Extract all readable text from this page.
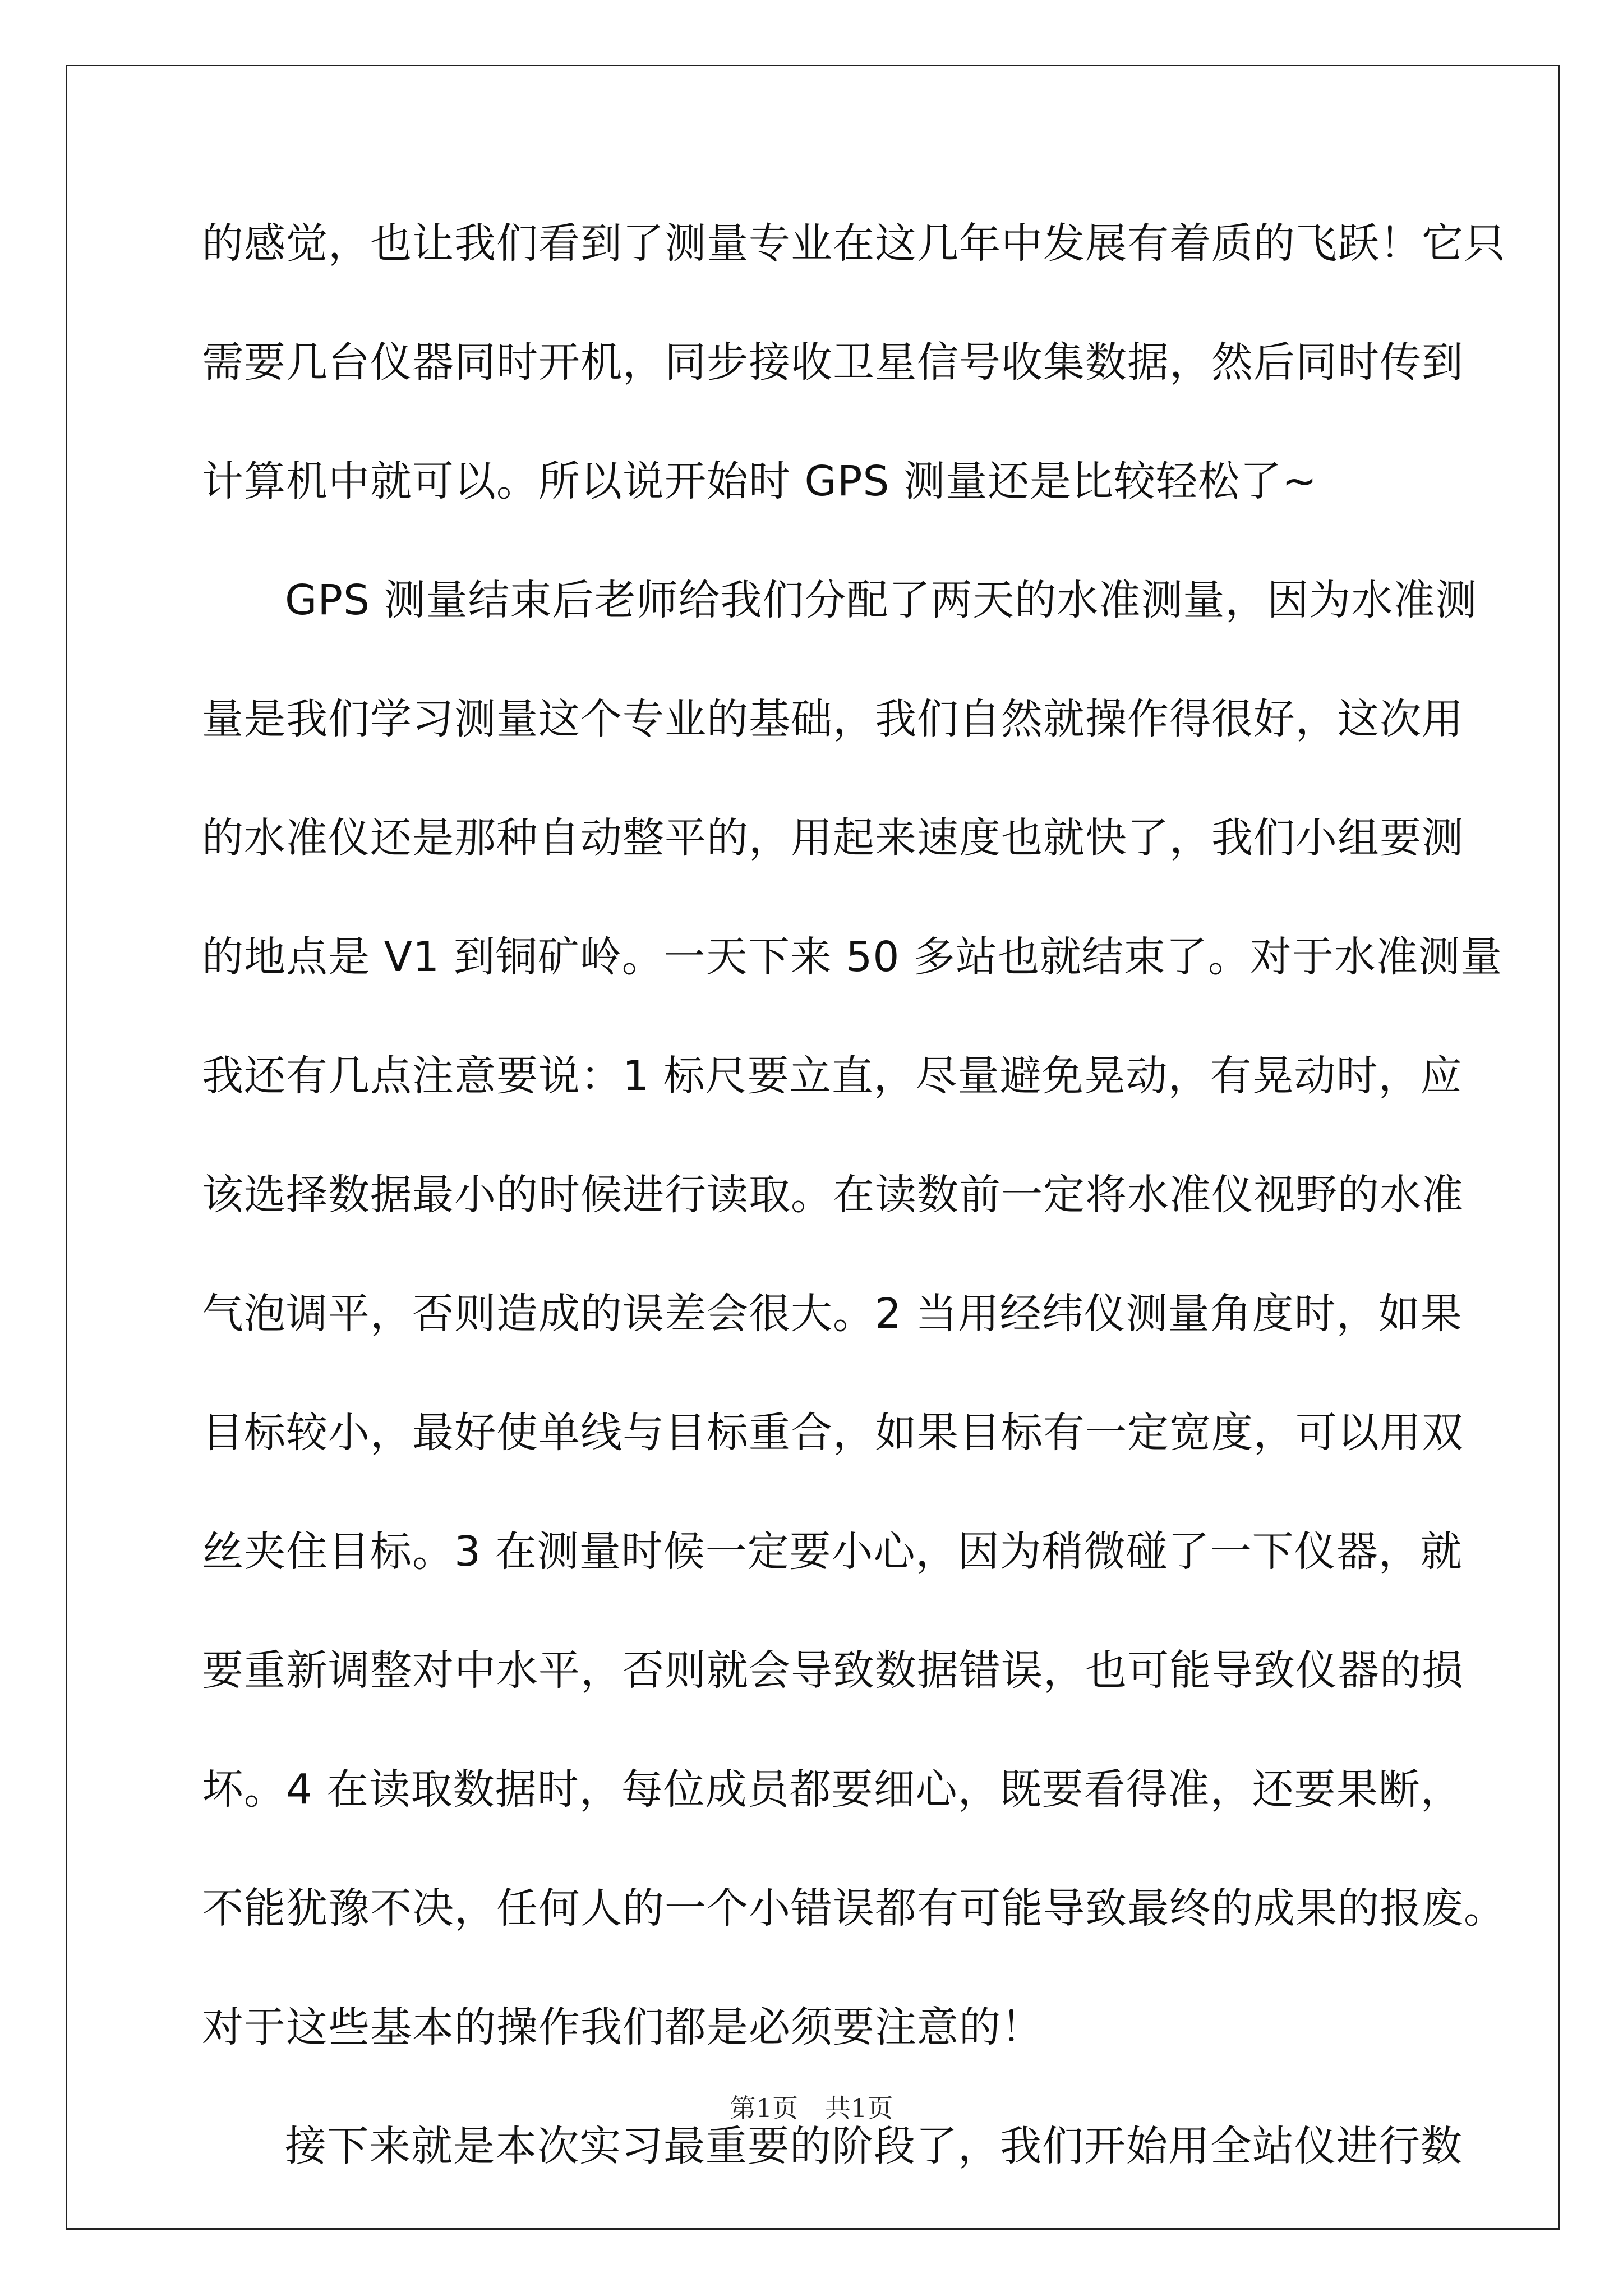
的感觉，也让我们看到了测量专业在这几年中发展有着质的飞跃！它只
需要几台仪器同时开机，同步接收卫星信号收集数据，然后同时传到
计算机中就可以。所以说开始时 GPS 测量还是比较轻松了~
GPS 测量结束后老师给我们分配了两天的水准测量，因为水准测
量是我们学习测量这个专业的基础，我们自然就操作得很好，这次用
的水准仪还是那种自动整平的，用起来速度也就快了，我们小组要测
的地点是 V1 到铜矿岭。一天下来 50 多站也就结束了。对于水准测量
我还有几点注意要说：1 标尺要立直，尽量避免晃动，有晃动时，应
该选择数据最小的时候进行读取。在读数前一定将水准仪视野的水准
气泡调平，否则造成的误差会很大。2 当用经纬仪测量角度时，如果
目标较小，最好使单线与目标重合，如果目标有一定宽度，可以用双
丝夹住目标。3 在测量时候一定要小心，因为稍微碰了一下仪器，就
要重新调整对中水平，否则就会导致数据错误，也可能导致仪器的损
坏。4 在读取数据时，每位成员都要细心，既要看得准，还要果断，
不能犹豫不决，任何人的一个小错误都有可能导致最终的成果的报废。
对于这些基本的操作我们都是必须要注意的！
接下来就是本次实习最重要的阶段了，我们开始用全站仪进行数
第1页 共1页
